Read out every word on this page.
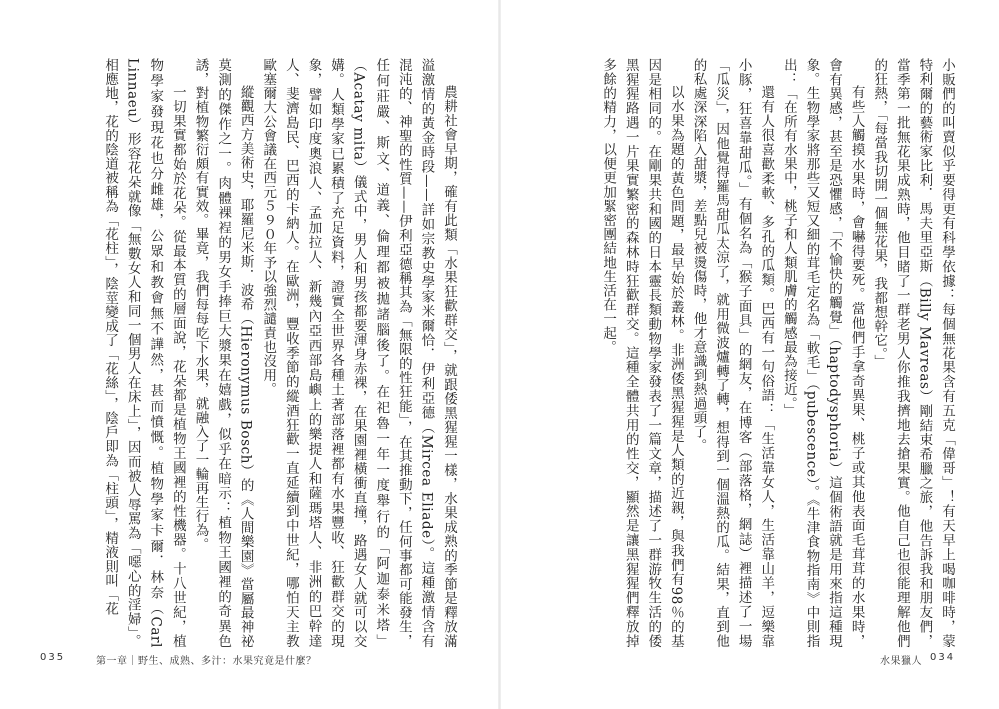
農耕社會早期，確有此類「水果狂歡群交」，就跟倭黑猩猩一樣，水果成熟的季節是釋放滿溢激情的黃金時段——詳如宗教史學家米爾恰．伊利亞德（Mircea Eliade）。這種激情含有混沌的、神聖的性質——伊利亞德稱其為「無限的性狂能」，在其推動下，任何事都可能發生，任何莊嚴、斯文、道義、倫理都被拋諸腦後了。在祀魯一年一度舉行的「阿迦泰米塔」（Acatay mita）儀式中，男人和男孩都要渾身赤裸，在果園裡橫衝直撞，路遇女人就可以交媾。人類學家已累積了充足資料，證實全世界各種土著部落裡都有水果豐收、狂歡群交的現象，譬如印度奧浪人、孟加拉人、新幾內亞西部島嶼上的樂提人和薩瑪塔人、非洲的巴幹達人、斐濟島民、巴西的卡納人。在歐洲，豐收季節的縱酒狂歡一直延續到中世紀，哪怕天主教歐塞爾大公會議在西元５９０年予以強烈譴責也沒用。

縱觀西方美術史，耶羅尼米斯．波希（Hieronymus Bosch）的《人間樂園》當屬最神祕莫測的傑作之一。肉體裸裎的男女手捧巨大漿果在嬉戲，似乎在暗示：植物王國裡的奇異色誘，對植物繁衍頗有實效。畢竟，我們每每吃下水果，就融入了一輪再生行為。

一切果實都始於花朵。從最本質的層面說，花朵都是植物王國裡的性機器。十八世紀，植物學家發現花也分雌雄，公眾和教會無不譁然，甚而憤慨。植物學家卡爾．林奈（Carl Linnaeu）形容花朵就像「無數女人和同一個男人在床上」，因而被人辱罵為「噁心的淫婦」。相應地，花的陰道被稱為「花柱」，陰莖變成了「花絲」，陰戶即為「柱頭」，精液則叫「花

035	第一章｜野生、成熟、多汁：水果究竟是什麼？

小販們的叫賣似乎要得更有科學依據：每個無花果含有五克「偉哥」！有天早上喝咖啡時，蒙特利爾的藝術家比利．馬夫里亞斯（Billy Mavreas）剛結束希臘之旅，他告訴我和朋友們，當季第一批無花果成熟時，他目睹了一群老男人你推我擠地去搶果實。他自己也很能理解他們的狂熱，「每當我切開一個無花果，我都想幹它。」

有些人觸摸水果時，會嚇得要死。當他們手拿奇異果、桃子或其他表面毛茸茸的水果時，會有異感，甚至是恐懼感，「不愉快的觸覺」（haptodysphoria）這個術語就是用來指這種現象。生物學家將那些又短又細的茸毛定名為「軟毛」（pubescence）。《牛津食物指南》中則指出：「在所有水果中，桃子和人類肌膚的觸感最為接近。」

還有人很喜歡柔軟、多孔的瓜類。巴西有一句俗語：「生活靠女人，生活靠山羊，逗樂靠小豚，狂喜靠甜瓜。」有個名為「猴子面具」的網友，在博客（部落格，網誌）裡描述了一場「瓜災」，因他覺得羅馬甜瓜太涼了，就用微波爐轉了轉，想得到一個溫熱的瓜。結果，直到他的私處深深陷入甜漿，差點兒被燙傷時，他才意識到熱過頭了。

以水果為題的黃色問題，最早始於叢林。非洲倭黑猩猩是人類的近親，與我們有98％的基因是相同的。在剛果共和國的日本靈長類動物學家發表了一篇文章，描述了一群游牧生活的倭黑猩猩路遇一片果實繁密的森林時狂歡群交。這種全體共用的性交，顯然是讓黑猩猩們釋放掉多餘的精力，以便更加緊密團結地生活在一起。

水果獵人 034
